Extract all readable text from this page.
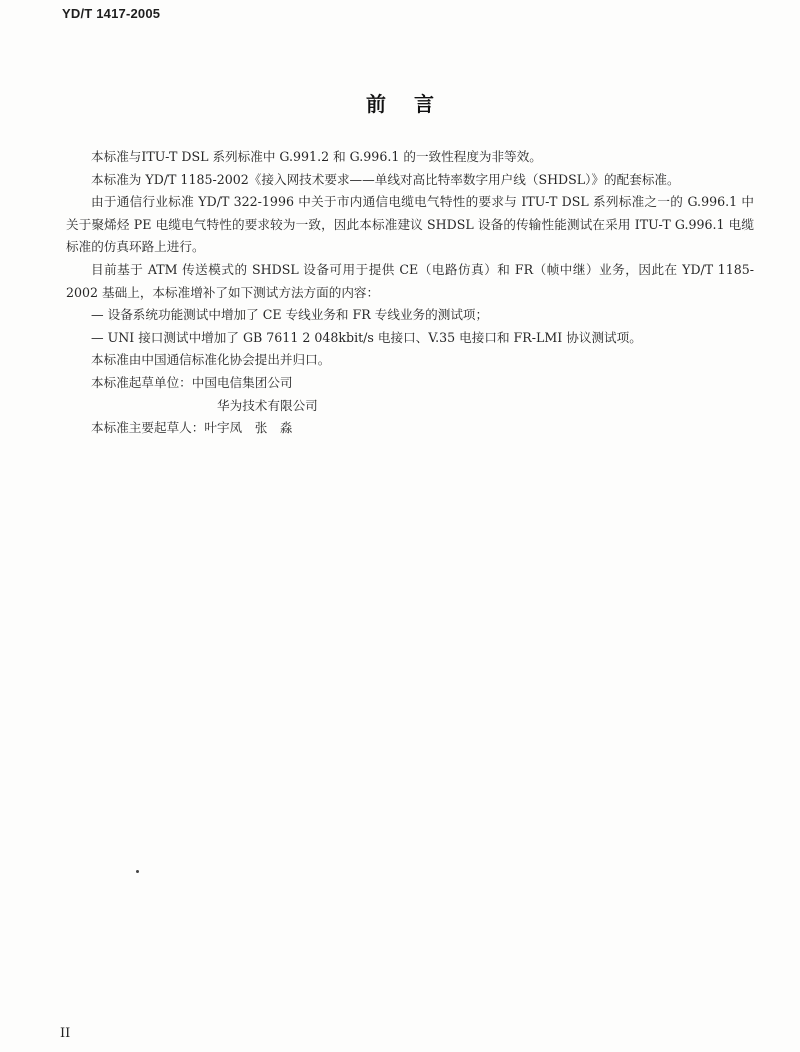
YD/T 1417-2005
前言

本标准与ITU-T DSL 系列标准中 G.991.2 和 G.996.1 的一致性程度为非等效。

本标准为 YD/T 1185-2002《接入网技术要求——单线对高比特率数字用户线（SHDSL）》的配套标准。

由于通信行业标准 YD/T 322-1996 中关于市内通信电缆电气特性的要求与 ITU-T DSL 系列标准之一的 G.996.1 中关于聚烯烃 PE 电缆电气特性的要求较为一致，因此本标准建议 SHDSL 设备的传输性能测试在采用 ITU-T G.996.1 电缆标准的仿真环路上进行。

目前基于 ATM 传送模式的 SHDSL 设备可用于提供 CE（电路仿真）和 FR（帧中继）业务，因此在 YD/T 1185-2002 基础上，本标准增补了如下测试方法方面的内容：

— 设备系统功能测试中增加了 CE 专线业务和 FR 专线业务的测试项；

— UNI 接口测试中增加了 GB 7611 2 048kbit/s 电接口、V.35 电接口和 FR-LMI 协议测试项。

本标准由中国通信标准化协会提出并归口。

本标准起草单位：中国电信集团公司

华为技术有限公司

本标准主要起草人：叶宇凤　张　淼

II
